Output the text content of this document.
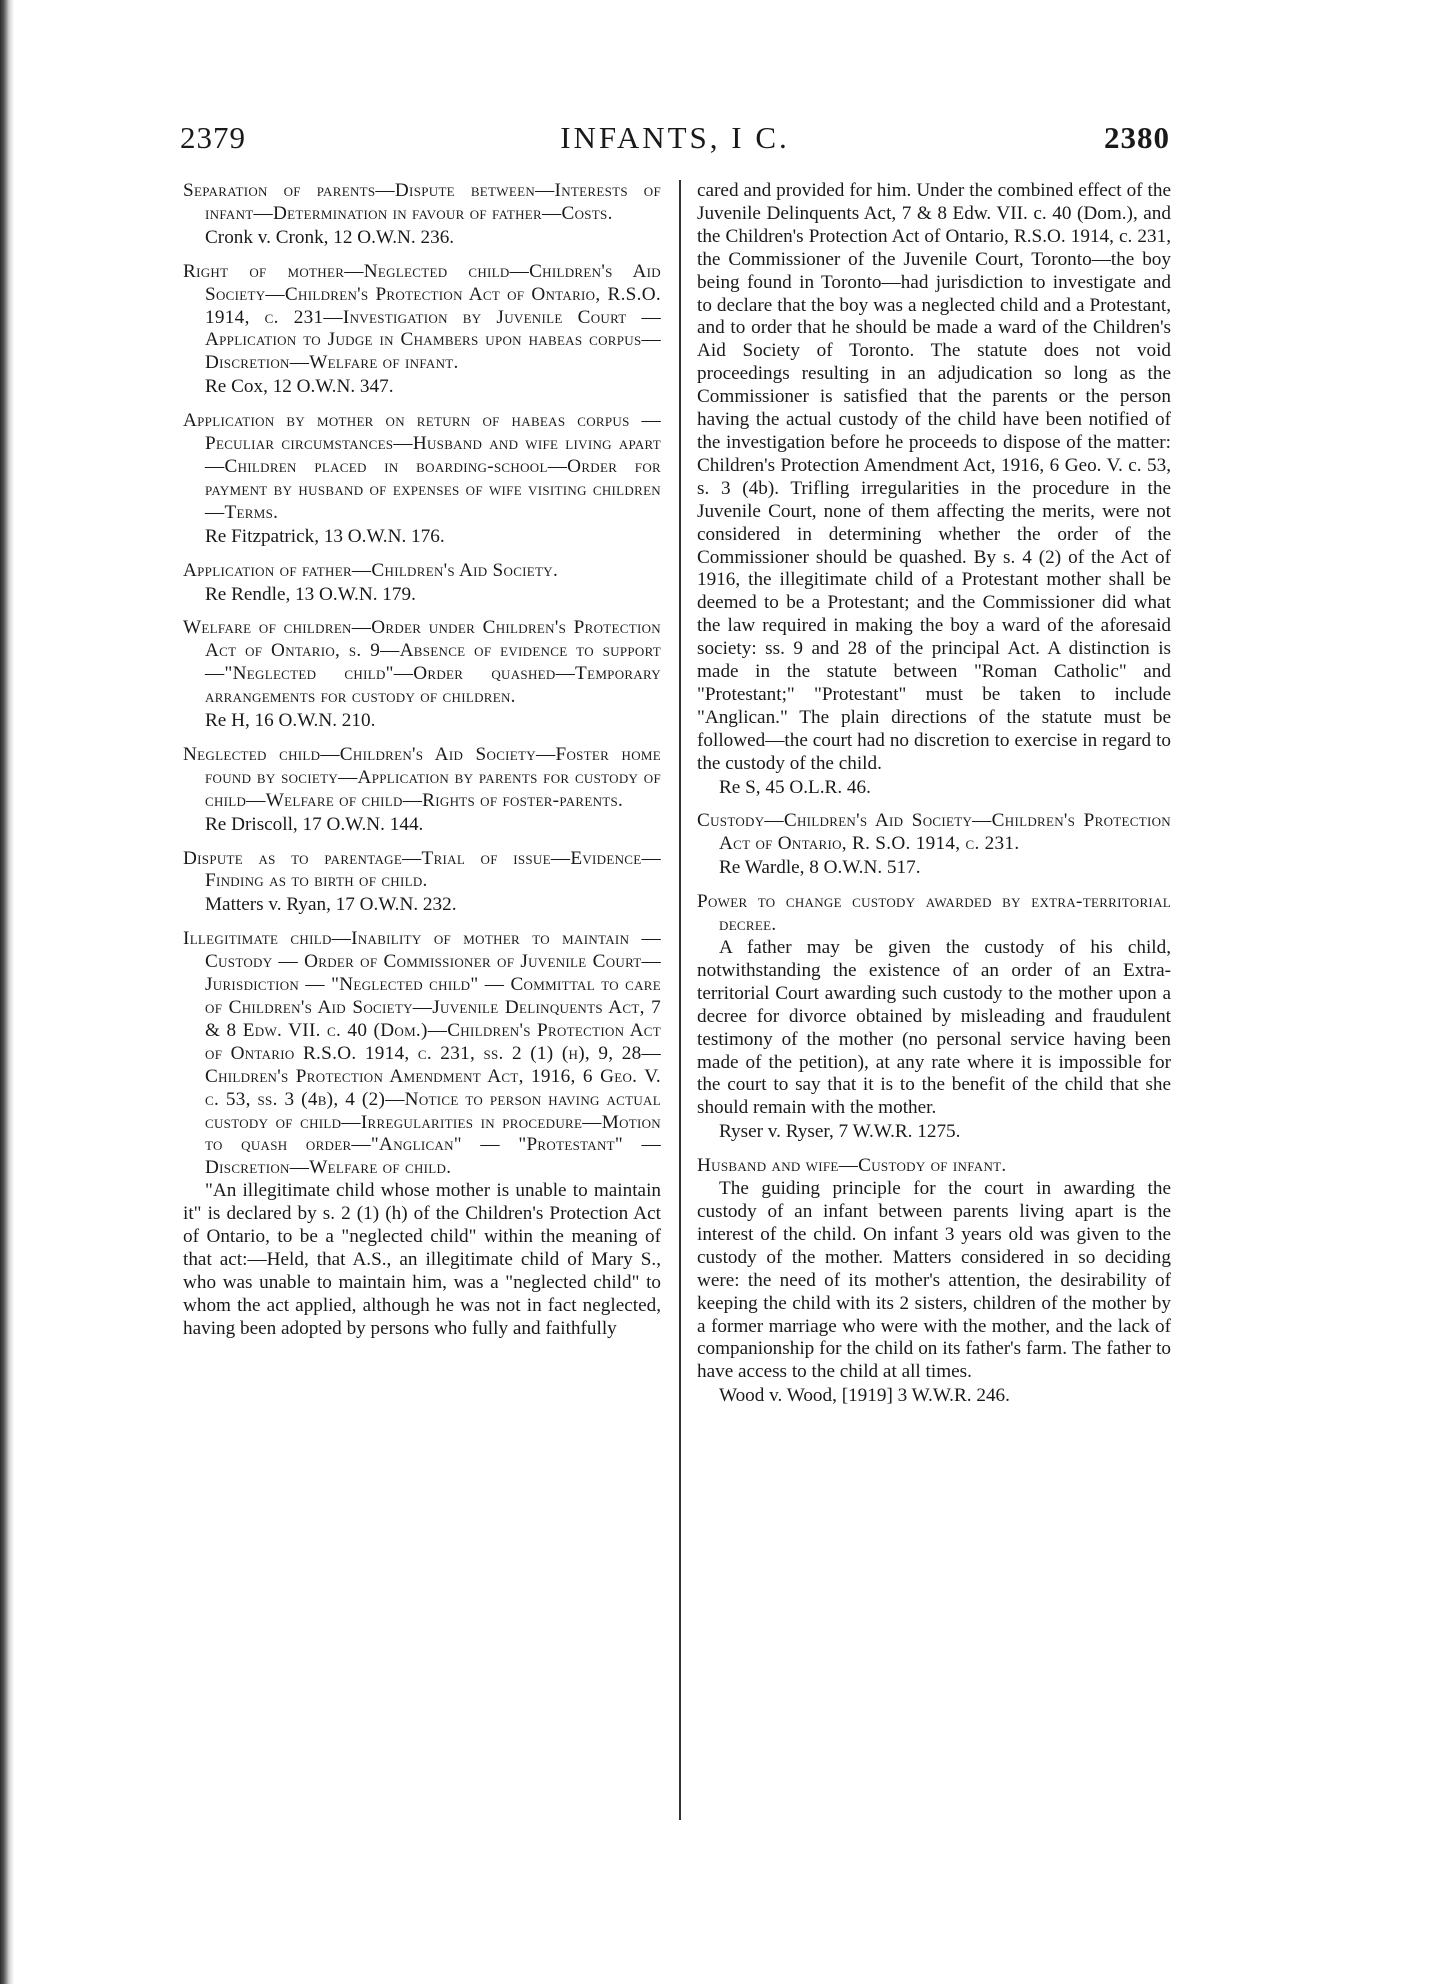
2379	INFANTS, I C.	2380
Separation of parents—Dispute between—Interests of infant—Determination in favour of father—Costs.
Cronk v. Cronk, 12 O.W.N. 236.
Right of mother—Neglected child—Children's Aid Society—Children's Protection Act of Ontario, R.S.O. 1914, c. 231—Investigation by Juvenile Court — Application to Judge in Chambers upon habeas corpus—Discretion—Welfare of infant.
Re Cox, 12 O.W.N. 347.
Application by mother on return of habeas corpus — Peculiar circumstances—Husband and wife living apart—Children placed in boarding-school—Order for payment by husband of expenses of wife visiting children—Terms.
Re Fitzpatrick, 13 O.W.N. 176.
Application of father—Children's Aid Society.
Re Rendle, 13 O.W.N. 179.
Welfare of children—Order under Children's Protection Act of Ontario, s. 9—Absence of evidence to support—"Neglected child"—Order quashed—Temporary arrangements for custody of children.
Re H, 16 O.W.N. 210.
Neglected child—Children's Aid Society—Foster home found by society—Application by parents for custody of child—Welfare of child—Rights of foster-parents.
Re Driscoll, 17 O.W.N. 144.
Dispute as to parentage—Trial of issue—Evidence—Finding as to birth of child.
Matters v. Ryan, 17 O.W.N. 232.
Illegitimate child—Inability of mother to maintain — Custody — Order of Commissioner of Juvenile Court—Jurisdiction — "Neglected child" — Committal to care of Children's Aid Society—Juvenile Delinquents Act, 7 & 8 Edw. VII. c. 40 (Dom.)—Children's Protection Act of Ontario R.S.O. 1914, c. 231, ss. 2 (1) (h), 9, 28—Children's Protection Amendment Act, 1916, 6 Geo. V. c. 53, ss. 3 (4b), 4 (2)—Notice to person having actual custody of child—Irregularities in procedure—Motion to quash order—"Anglican" — "Protestant" — Discretion—Welfare of child.

"An illegitimate child whose mother is unable to maintain it" is declared by s. 2 (1) (h) of the Children's Protection Act of Ontario, to be a "neglected child" within the meaning of that act:—Held, that A.S., an illegitimate child of Mary S., who was unable to maintain him, was a "neglected child" to whom the act applied, although he was not in fact neglected, having been adopted by persons who fully and faithfully

cared and provided for him. Under the combined effect of the Juvenile Delinquents Act, 7 & 8 Edw. VII. c. 40 (Dom.), and the Children's Protection Act of Ontario, R.S.O. 1914, c. 231, the Commissioner of the Juvenile Court, Toronto—the boy being found in Toronto—had jurisdiction to investigate and to declare that the boy was a neglected child and a Protestant, and to order that he should be made a ward of the Children's Aid Society of Toronto. The statute does not void proceedings resulting in an adjudication so long as the Commissioner is satisfied that the parents or the person having the actual custody of the child have been notified of the investigation before he proceeds to dispose of the matter: Children's Protection Amendment Act, 1916, 6 Geo. V. c. 53, s. 3 (4b). Trifling irregularities in the procedure in the Juvenile Court, none of them affecting the merits, were not considered in determining whether the order of the Commissioner should be quashed. By s. 4 (2) of the Act of 1916, the illegitimate child of a Protestant mother shall be deemed to be a Protestant; and the Commissioner did what the law required in making the boy a ward of the aforesaid society: ss. 9 and 28 of the principal Act. A distinction is made in the statute between "Roman Catholic" and "Protestant;" "Protestant" must be taken to include "Anglican." The plain directions of the statute must be followed—the court had no discretion to exercise in regard to the custody of the child.

Re S, 45 O.L.R. 46.
Custody—Children's Aid Society—Children's Protection Act of Ontario, R. S.O. 1914, c. 231.
Re Wardle, 8 O.W.N. 517.
Power to change custody awarded by extra-territorial decree.

A father may be given the custody of his child, notwithstanding the existence of an order of an Extra-territorial Court awarding such custody to the mother upon a decree for divorce obtained by misleading and fraudulent testimony of the mother (no personal service having been made of the petition), at any rate where it is impossible for the court to say that it is to the benefit of the child that she should remain with the mother.

Ryser v. Ryser, 7 W.W.R. 1275.
Husband and wife—Custody of infant.

The guiding principle for the court in awarding the custody of an infant between parents living apart is the interest of the child. On infant 3 years old was given to the custody of the mother. Matters considered in so deciding were: the need of its mother's attention, the desirability of keeping the child with its 2 sisters, children of the mother by a former marriage who were with the mother, and the lack of companionship for the child on its father's farm. The father to have access to the child at all times.

Wood v. Wood, [1919] 3 W.W.R. 246.
